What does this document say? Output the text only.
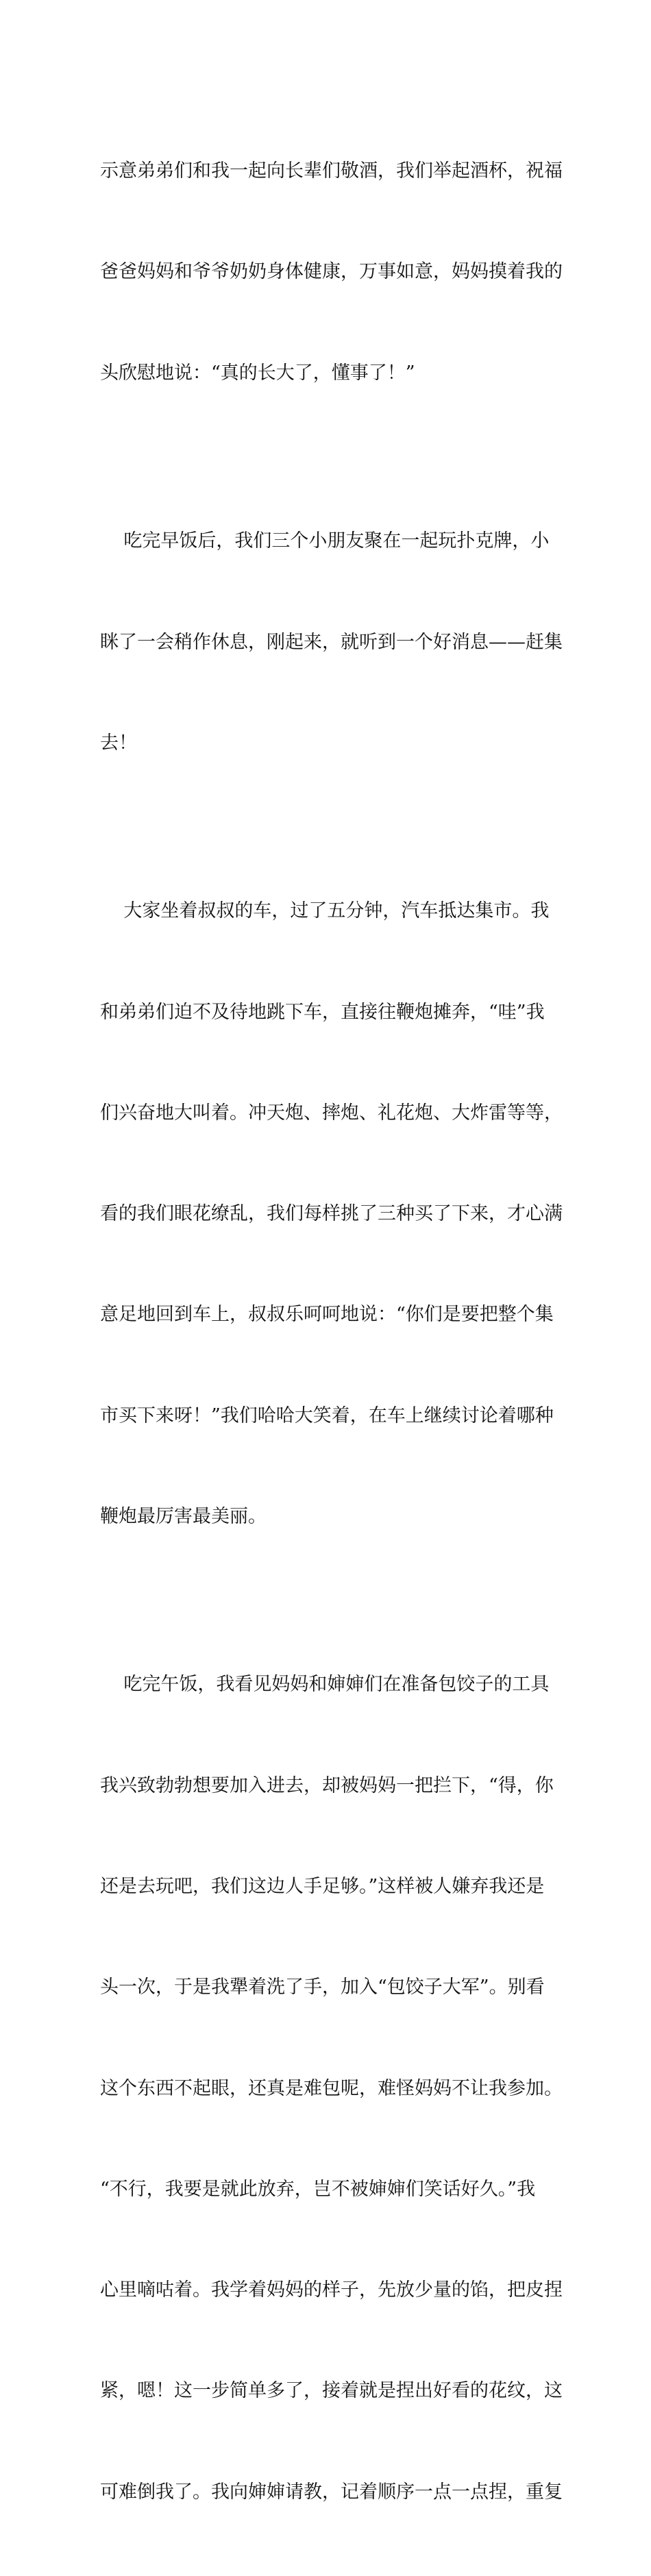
示意弟弟们和我一起向长辈们敬酒，我们举起酒杯，祝福

爸爸妈妈和爷爷奶奶身体健康，万事如意，妈妈摸着我的

头欣慰地说：“真的长大了，懂事了！”

吃完早饭后，我们三个小朋友聚在一起玩扑克牌，小

眯了一会稍作休息，刚起来，就听到一个好消息——赶集

去！

大家坐着叔叔的车，过了五分钟，汽车抵达集市。我

和弟弟们迫不及待地跳下车，直接往鞭炮摊奔，“哇”我

们兴奋地大叫着。冲天炮、摔炮、礼花炮、大炸雷等等，

看的我们眼花缭乱，我们每样挑了三种买了下来，才心满

意足地回到车上，叔叔乐呵呵地说：“你们是要把整个集

市买下来呀！”我们哈哈大笑着，在车上继续讨论着哪种

鞭炮最厉害最美丽。

吃完午饭，我看见妈妈和婶婶们在准备包饺子的工具

我兴致勃勃想要加入进去，却被妈妈一把拦下，“得，你

还是去玩吧，我们这边人手足够。”这样被人嫌弃我还是

头一次，于是我犟着洗了手，加入“包饺子大军”。别看

这个东西不起眼，还真是难包呢，难怪妈妈不让我参加。

“不行，我要是就此放弃，岂不被婶婶们笑话好久。”我

心里嘀咕着。我学着妈妈的样子，先放少量的馅，把皮捏

紧，嗯！这一步简单多了，接着就是捏出好看的花纹，这

可难倒我了。我向婶婶请教，记着顺序一点一点捏，重复
